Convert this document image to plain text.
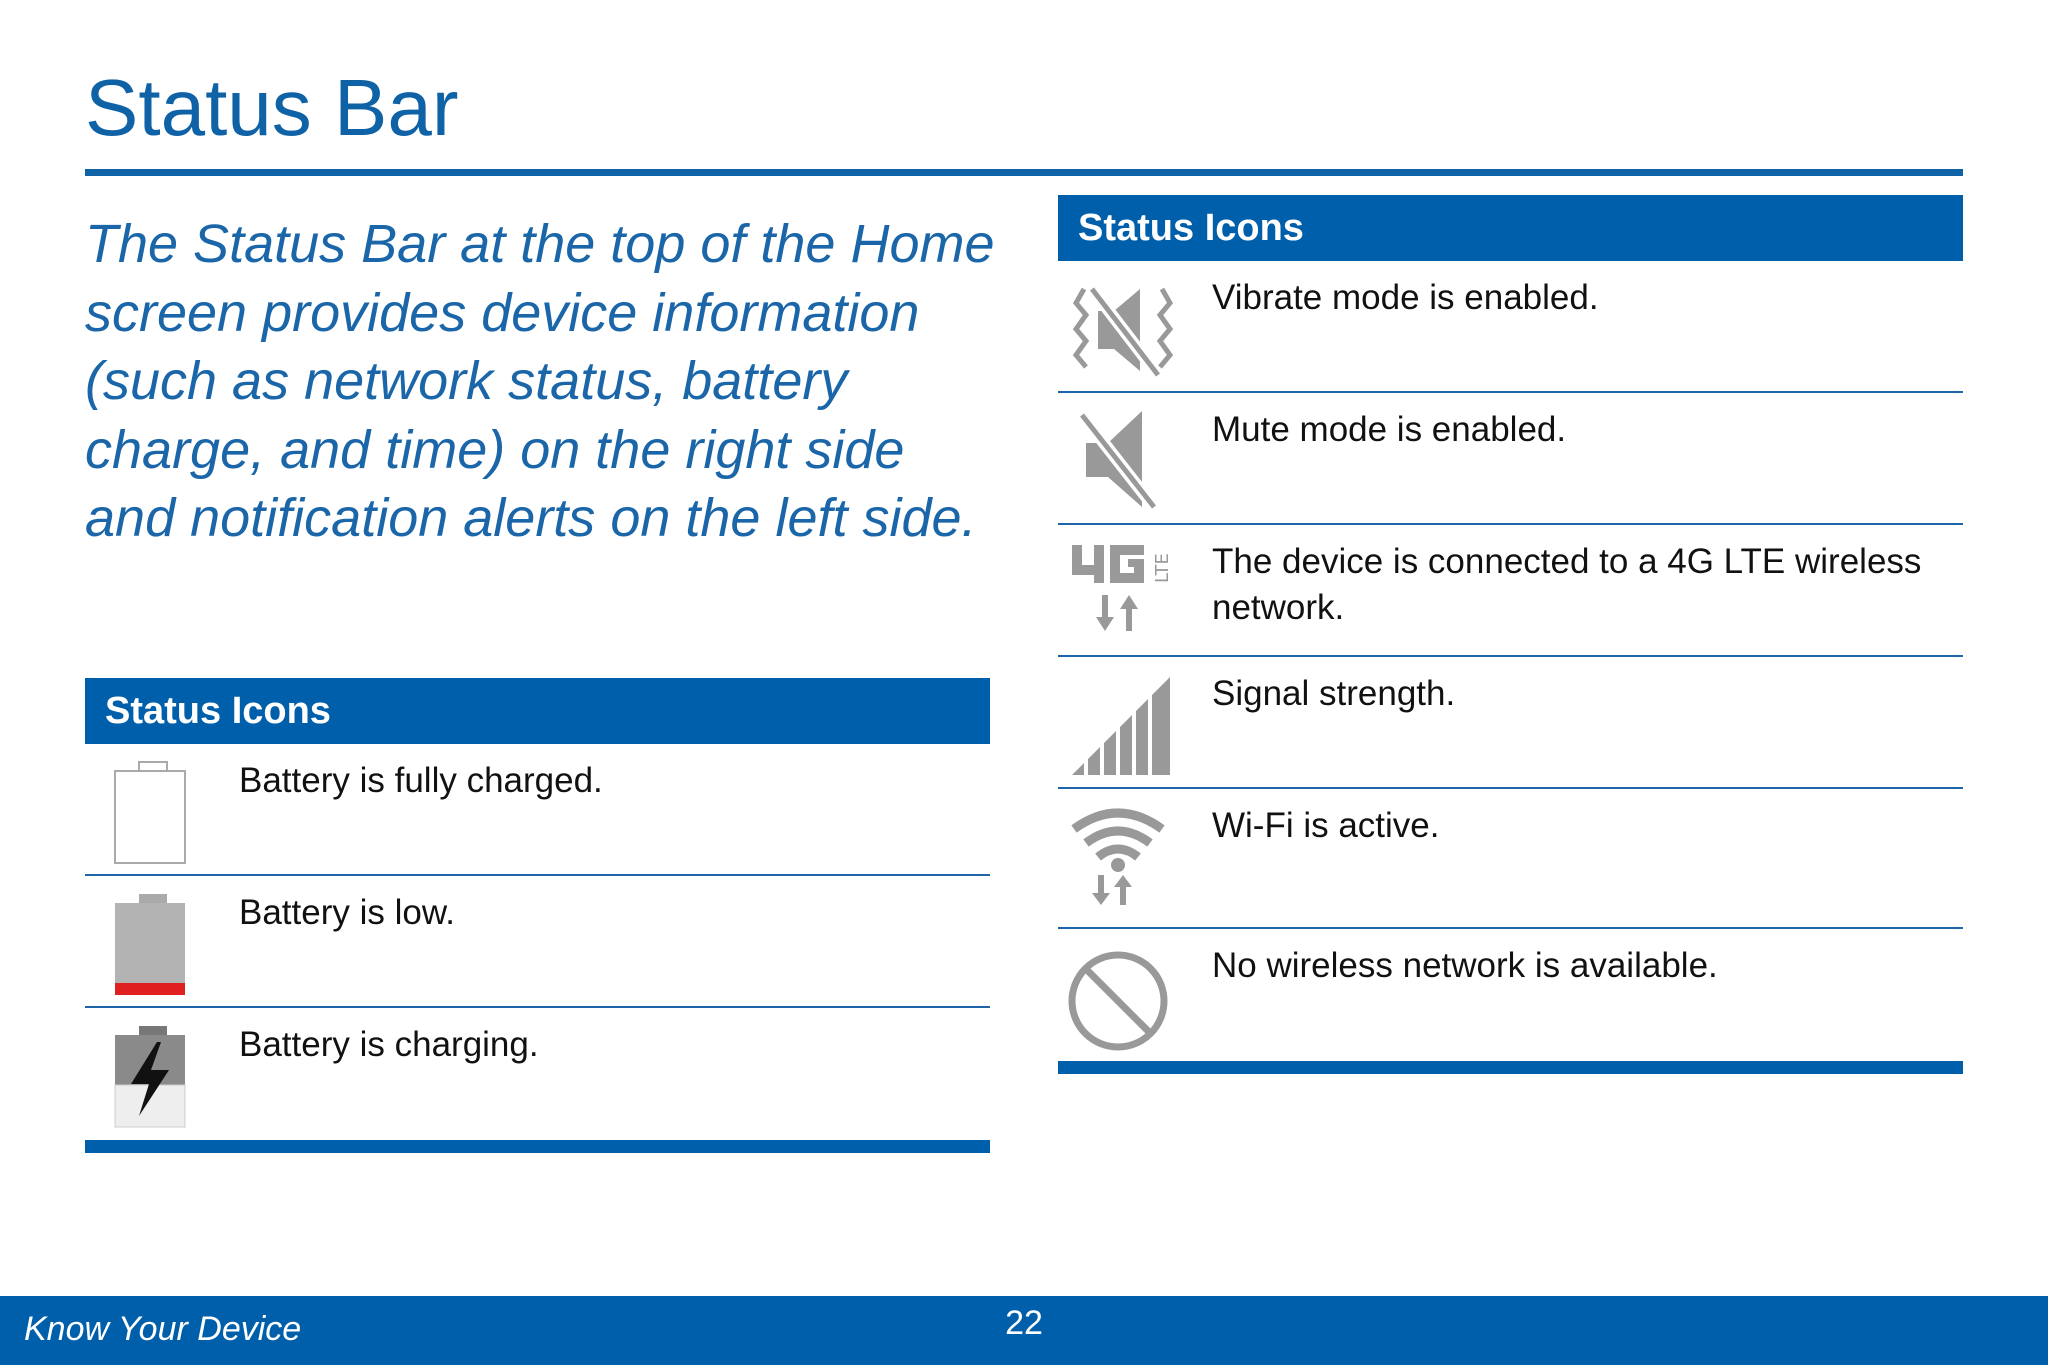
Status Bar

The Status Bar at the top of the Home screen provides device information (such as network status, battery charge, and time) on the right side and notification alerts on the left side.

Status Icons
Battery is fully charged.
Battery is low.
Battery is charging.
Status Icons
Vibrate mode is enabled.
Mute mode is enabled.
LTE The device is connected to a 4G LTE wireless network.
Signal strength.
Wi-Fi is active.
No wireless network is available.
Know Your Device	22
